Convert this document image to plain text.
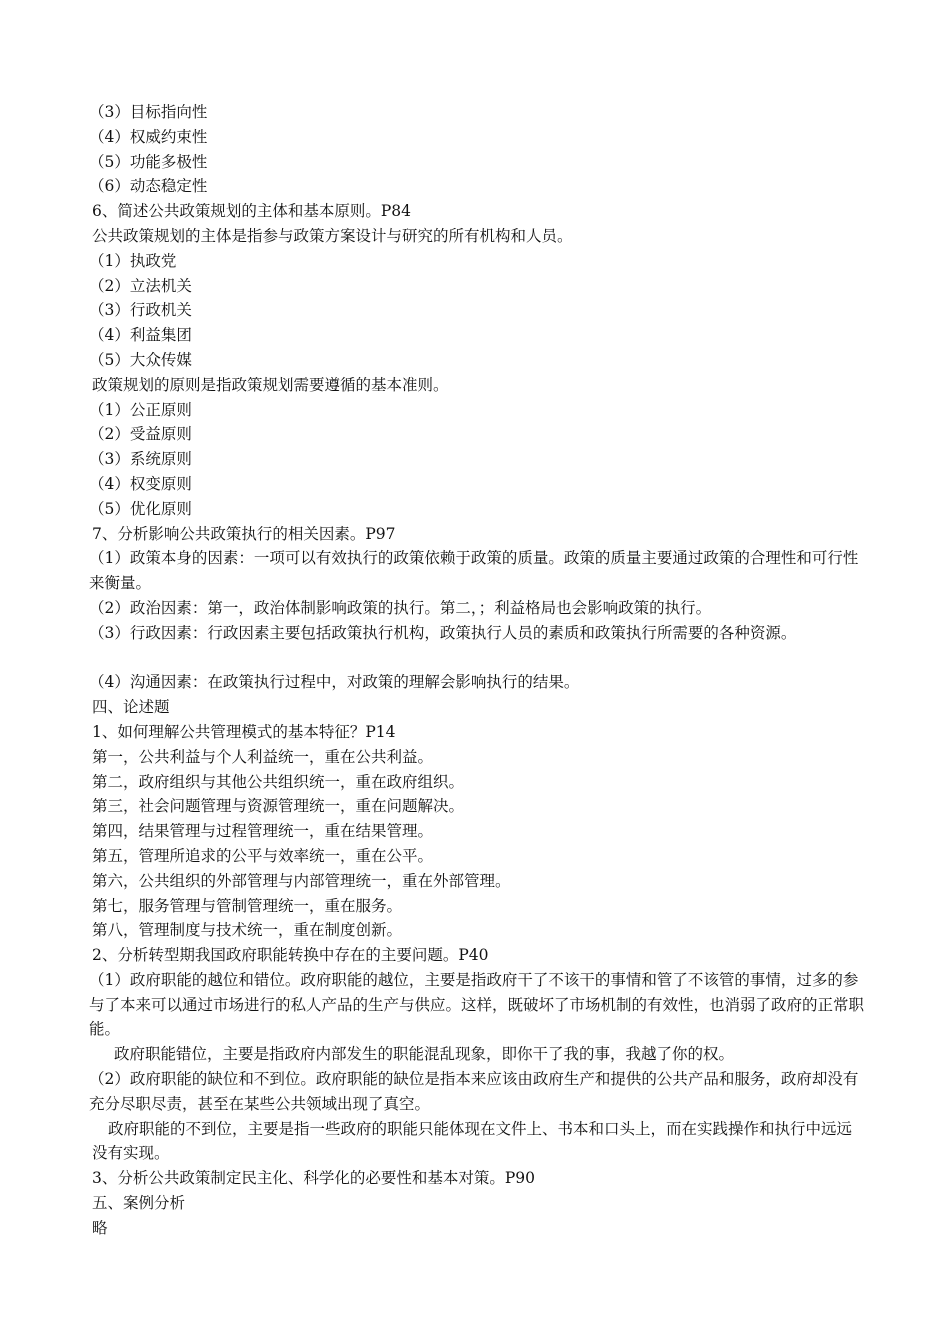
（3）目标指向性

（4）权威约束性

（5）功能多极性

（6）动态稳定性

6、简述公共政策规划的主体和基本原则。P84

公共政策规划的主体是指参与政策方案设计与研究的所有机构和人员。

（1）执政党

（2）立法机关

（3）行政机关

（4）利益集团

（5）大众传媒

政策规划的原则是指政策规划需要遵循的基本准则。

（1）公正原则

（2）受益原则

（3）系统原则

（4）权变原则

（5）优化原则

7、分析影响公共政策执行的相关因素。P97

（1）政策本身的因素：一项可以有效执行的政策依赖于政策的质量。政策的质量主要通过政策的合理性和可行性来衡量。

（2）政治因素：第一，政治体制影响政策的执行。第二，；利益格局也会影响政策的执行。

（3）行政因素：行政因素主要包括政策执行机构，政策执行人员的素质和政策执行所需要的各种资源。

（4）沟通因素：在政策执行过程中，对政策的理解会影响执行的结果。

四、论述题

1、如何理解公共管理模式的基本特征？P14

第一，公共利益与个人利益统一，重在公共利益。

第二，政府组织与其他公共组织统一，重在政府组织。

第三，社会问题管理与资源管理统一，重在问题解决。

第四，结果管理与过程管理统一，重在结果管理。

第五，管理所追求的公平与效率统一，重在公平。

第六，公共组织的外部管理与内部管理统一，重在外部管理。

第七，服务管理与管制管理统一，重在服务。

第八，管理制度与技术统一，重在制度创新。

2、分析转型期我国政府职能转换中存在的主要问题。P40

（1）政府职能的越位和错位。政府职能的越位，主要是指政府干了不该干的事情和管了不该管的事情，过多的参与了本来可以通过市场进行的私人产品的生产与供应。这样，既破坏了市场机制的有效性，也消弱了政府的正常职能。

政府职能错位，主要是指政府内部发生的职能混乱现象，即你干了我的事，我越了你的权。

（2）政府职能的缺位和不到位。政府职能的缺位是指本来应该由政府生产和提供的公共产品和服务，政府却没有充分尽职尽责，甚至在某些公共领域出现了真空。

政府职能的不到位，主要是指一些政府的职能只能体现在文件上、书本和口头上，而在实践操作和执行中远远没有实现。

3、分析公共政策制定民主化、科学化的必要性和基本对策。P90

五、案例分析

略
